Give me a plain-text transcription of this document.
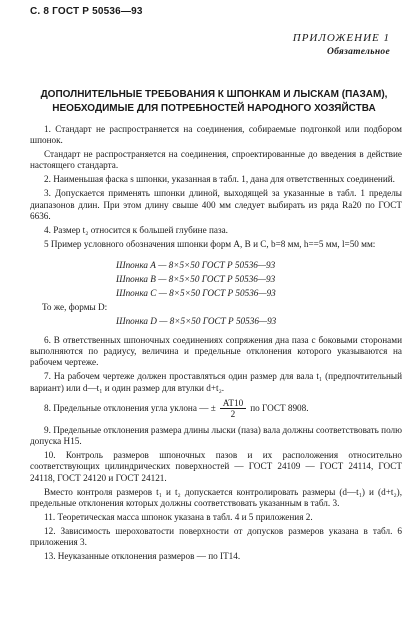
С. 8 ГОСТ Р 50536—93
ПРИЛОЖЕНИЕ 1
Обязательное
ДОПОЛНИТЕЛЬНЫЕ ТРЕБОВАНИЯ К ШПОНКАМ И ЛЫСКАМ (ПАЗАМ), НЕОБХОДИМЫЕ ДЛЯ ПОТРЕБНОСТЕЙ НАРОДНОГО ХОЗЯЙСТВА

1. Стандарт не распространяется на соединения, собираемые подгонкой или подбором шпонок.

Стандарт не распространяется на соединения, спроектированные до введения в действие настоящего стандарта.

2. Наименьшая фаска s шпонки, указанная в табл. 1, дана для ответственных соединений.

3. Допускается применять шпонки длиной, выходящей за указанные в табл. 1 пределы диапазонов длин. При этом длину свыше 400 мм следует выбирать из ряда Ra20 по ГОСТ 6636.

4. Размер t₂ относится к большей глубине паза.

5 Пример условного обозначения шпонки форм А, В и С, b=8 мм, h==5 мм, l=50 мм:

Шпонка А — 8×5×50 ГОСТ Р 50536—93

Шпонка В — 8×5×50 ГОСТ Р 50536—93

Шпонка С — 8×5×50 ГОСТ Р 50536—93

То же, формы D:

Шпонка D — 8×5×50 ГОСТ Р 50536—93

6. В ответственных шпоночных соединениях сопряжения дна паза с боковыми сторонами выполняются по радиусу, величина и предельные отклонения которого указываются на рабочем чертеже.

7. На рабочем чертеже должен проставляться один размер для вала t₁ (предпочтительный вариант) или d—t₁ и один размер для втулки d+t₂.

8. Предельные отклонения угла уклона — ± $\frac{AT10}{2}$ по ГОСТ 8908.

9. Предельные отклонения размера длины лыски (паза) вала должны соответствовать полю допуска H15.

10. Контроль размеров шпоночных пазов и их расположения относительно соответствующих цилиндрических поверхностей — ГОСТ 24109 — ГОСТ 24114, ГОСТ 24118, ГОСТ 24120 и ГОСТ 24121.

Вместо контроля размеров t₁ и t₂ допускается контролировать размеры (d—t₁) и (d+t₂), предельные отклонения которых должны соответствовать указанным в табл. 3.

11. Теоретическая масса шпонок указана в табл. 4 и 5 приложения 2.

12. Зависимость шероховатости поверхности от допусков размеров указана в табл. 6 приложения 3.

13. Неуказанные отклонения размеров — по IT14.
